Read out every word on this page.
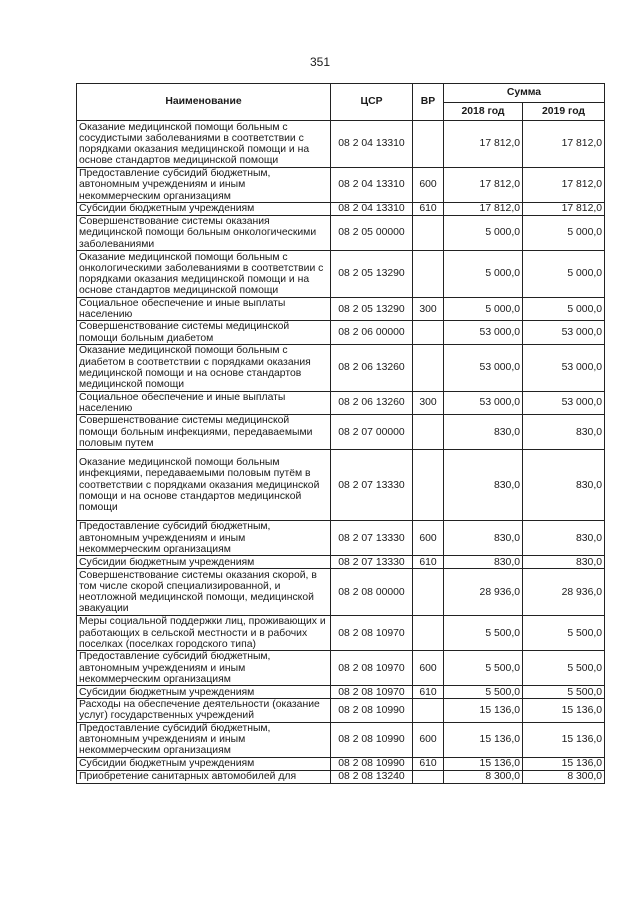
351
Наименование	ЦСР	ВР	Сумма	
			2018 год	2019 год
Оказание медицинской помощи больным с сосудистыми заболеваниями в соответствии с порядками оказания медицинской помощи и на основе стандартов медицинской помощи	08 2 04 13310		17 812,0	17 812,0
Предоставление субсидий бюджетным, автономным учреждениям и иным некоммерческим организациям	08 2 04 13310	600	17 812,0	17 812,0
Субсидии бюджетным учреждениям	08 2 04 13310	610	17 812,0	17 812,0
Совершенствование системы оказания медицинской помощи больным онкологическими заболеваниями	08 2 05 00000		5 000,0	5 000,0
Оказание медицинской помощи больным с онкологическими заболеваниями в соответствии с порядками оказания медицинской помощи и на основе стандартов медицинской помощи	08 2 05 13290		5 000,0	5 000,0
Социальное обеспечение и иные выплаты населению	08 2 05 13290	300	5 000,0	5 000,0
Совершенствование системы медицинской помощи больным диабетом	08 2 06 00000		53 000,0	53 000,0
Оказание медицинской помощи больным с диабетом в соответствии с порядками оказания медицинской помощи и на основе стандартов медицинской помощи	08 2 06 13260		53 000,0	53 000,0
Социальное обеспечение и иные выплаты населению	08 2 06 13260	300	53 000,0	53 000,0
Совершенствование системы медицинской помощи больным инфекциями, передаваемыми половым путем	08 2 07 00000		830,0	830,0
Оказание медицинской помощи больным инфекциями, передаваемыми половым путём в соответствии с порядками оказания медицинской помощи и на основе стандартов медицинской помощи	08 2 07 13330		830,0	830,0
Предоставление субсидий бюджетным, автономным учреждениям и иным некоммерческим организациям	08 2 07 13330	600	830,0	830,0
Субсидии бюджетным учреждениям	08 2 07 13330	610	830,0	830,0
Совершенствование системы оказания скорой, в том числе скорой специализированной, и неотложной медицинской помощи, медицинской эвакуации	08 2 08 00000		28 936,0	28 936,0
Меры социальной поддержки лиц, проживающих и работающих в сельской местности и в рабочих поселках (поселках городского типа)	08 2 08 10970		5 500,0	5 500,0
Предоставление субсидий бюджетным, автономным учреждениям и иным некоммерческим организациям	08 2 08 10970	600	5 500,0	5 500,0
Субсидии бюджетным учреждениям	08 2 08 10970	610	5 500,0	5 500,0
Расходы на обеспечение деятельности (оказание услуг) государственных учреждений	08 2 08 10990		15 136,0	15 136,0
Предоставление субсидий бюджетным, автономным учреждениям и иным некоммерческим организациям	08 2 08 10990	600	15 136,0	15 136,0
Субсидии бюджетным учреждениям	08 2 08 10990	610	15 136,0	15 136,0
Приобретение санитарных автомобилей для	08 2 08 13240		8 300,0	8 300,0
